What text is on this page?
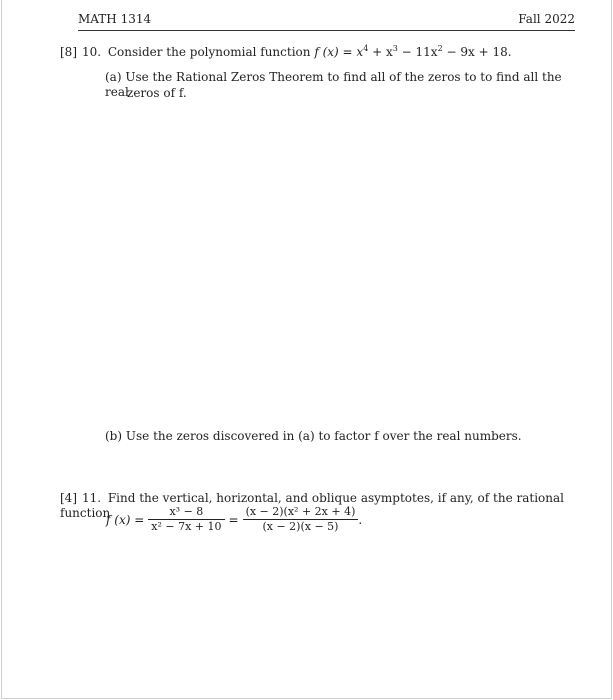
MATH 1314	Fall 2022
[8] 10. Consider the polynomial function f $(x) = x^4 + x^3 - 11x^2 - 9x + 18$.
(a) Use the Rational Zeros Theorem to find all of the zeros to to find all the real
zeros of f.
(b) Use the zeros discovered in (a) to factor f over the real numbers.
[4] 11. Find the vertical, horizontal, and oblique asymptotes, if any, of the rational function
f $(x) = \frac{\text{x³ − 8}}{\text{x² − 7x + 10}} = \frac{\text{(x − 2)(x² + 2x + 4)}}{(x - 2)(x - 5)}$ .
